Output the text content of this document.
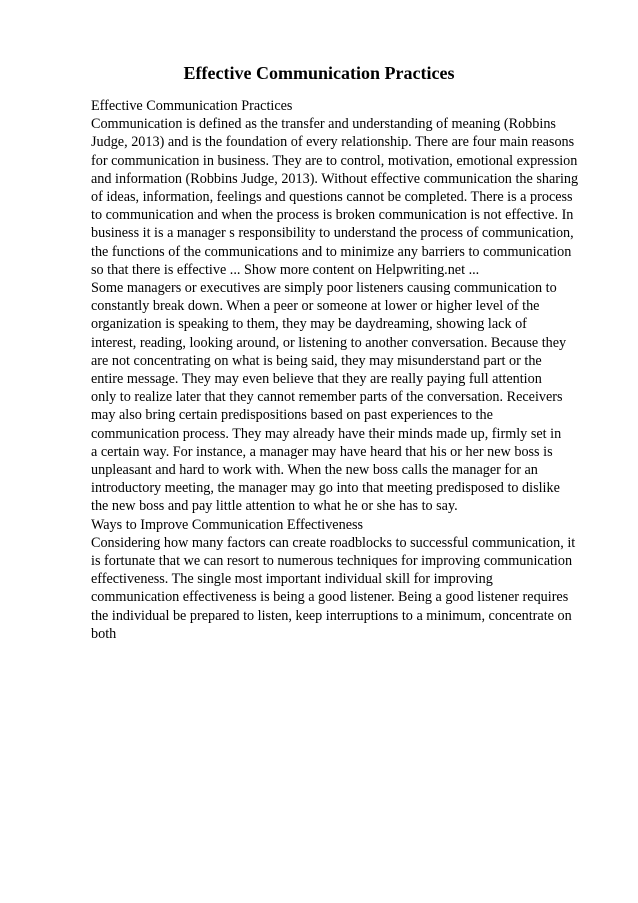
Effective Communication Practices
Effective Communication Practices
Communication is defined as the transfer and understanding of meaning (Robbins
Judge, 2013) and is the foundation of every relationship. There are four main reasons
for communication in business. They are to control, motivation, emotional expression
and information (Robbins Judge, 2013). Without effective communication the sharing
of ideas, information, feelings and questions cannot be completed. There is a process
to communication and when the process is broken communication is not effective. In
business it is a manager s responsibility to understand the process of communication,
the functions of the communications and to minimize any barriers to communication
so that there is effective ... Show more content on Helpwriting.net ...
Some managers or executives are simply poor listeners causing communication to
constantly break down. When a peer or someone at lower or higher level of the
organization is speaking to them, they may be daydreaming, showing lack of
interest, reading, looking around, or listening to another conversation. Because they
are not concentrating on what is being said, they may misunderstand part or the
entire message. They may even believe that they are really paying full attention
only to realize later that they cannot remember parts of the conversation. Receivers
may also bring certain predispositions based on past experiences to the
communication process. They may already have their minds made up, firmly set in
a certain way. For instance, a manager may have heard that his or her new boss is
unpleasant and hard to work with. When the new boss calls the manager for an
introductory meeting, the manager may go into that meeting predisposed to dislike
the new boss and pay little attention to what he or she has to say.
Ways to Improve Communication Effectiveness
Considering how many factors can create roadblocks to successful communication, it
is fortunate that we can resort to numerous techniques for improving communication
effectiveness. The single most important individual skill for improving
communication effectiveness is being a good listener. Being a good listener requires
the individual be prepared to listen, keep interruptions to a minimum, concentrate on
both
